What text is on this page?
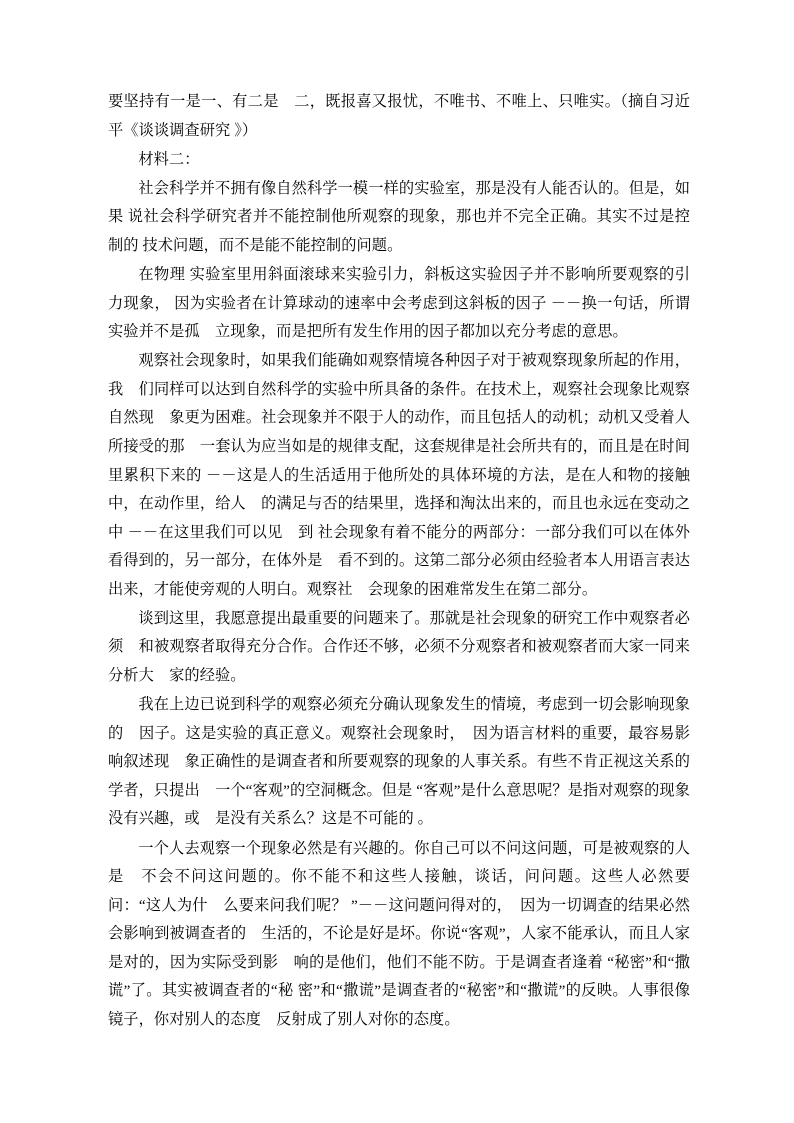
要坚持有一是一、有二是　二，既报喜又报忧，不唯书、不唯上、只唯实。（摘自习近平《谈谈调查研究 》）

材料二：

社会科学并不拥有像自然科学一模一样的实验室，那是没有人能否认的。但是，如果 说社会科学研究者并不能控制他所观察的现象，那也并不完全正确。其实不过是控制的 技术问题，而不是能不能控制的问题。

在物理 实验室里用斜面滚球来实验引力，斜板这实验因子并不影响所要观察的引力现象， 因为实验者在计算球动的速率中会考虑到这斜板的因子 －－换一句话，所谓实验并不是孤　立现象，而是把所有发生作用的因子都加以充分考虑的意思。

观察社会现象时，如果我们能确如观察情境各种因子对于被观察现象所起的作用，我　们同样可以达到自然科学的实验中所具备的条件。在技术上，观察社会现象比观察自然现　象更为困难。社会现象并不限于人的动作，而且包括人的动机；动机又受着人所接受的那　一套认为应当如是的规律支配，这套规律是社会所共有的，而且是在时间里累积下来的 －－这是人的生活适用于他所处的具体环境的方法，是在人和物的接触中，在动作里，给人　的满足与否的结果里，选择和淘汰出来的，而且也永远在变动之中 －－在这里我们可以见　到 社会现象有着不能分的两部分：一部分我们可以在体外看得到的，另一部分，在体外是　看不到的。这第二部分必须由经验者本人用语言表达出来，才能使旁观的人明白。观察社　会现象的困难常发生在第二部分。

谈到这里，我愿意提出最重要的问题来了。那就是社会现象的研究工作中观察者必须　和被观察者取得充分合作。合作还不够，必须不分观察者和被观察者而大家一同来分析大　家的经验。

我在上边已说到科学的观察必须充分确认现象发生的情境，考虑到一切会影响现象的　因子。这是实验的真正意义。观察社会现象时，　因为语言材料的重要，最容易影响叙述现　象正确性的是调查者和所要观察的现象的人事关系。有些不肯正视这关系的学者，只提出　一个“客观”的空洞概念。但是 “客观”是什么意思呢？是指对观察的现象没有兴趣，或　是没有关系么？这是不可能的 。

一个人去观察一个现象必然是有兴趣的。你自己可以不问这问题，可是被观察的人是　不会不问这问题的。你不能不和这些人接触，谈话，问问题。这些人必然要问：“这人为什　么要来问我们呢？ ”－－这问题问得对的，　因为一切调查的结果必然会影响到被调查者的　生活的，不论是好是坏。你说“客观”，人家不能承认，而且人家是对的，因为实际受到影　响的是他们，他们不能不防。于是调查者逢着 “秘密”和“撒谎”了。其实被调查者的“秘 密”和“撒谎”是调查者的“秘密”和“撒谎”的反映。人事很像镜子，你对别人的态度　反射成了别人对你的态度。
